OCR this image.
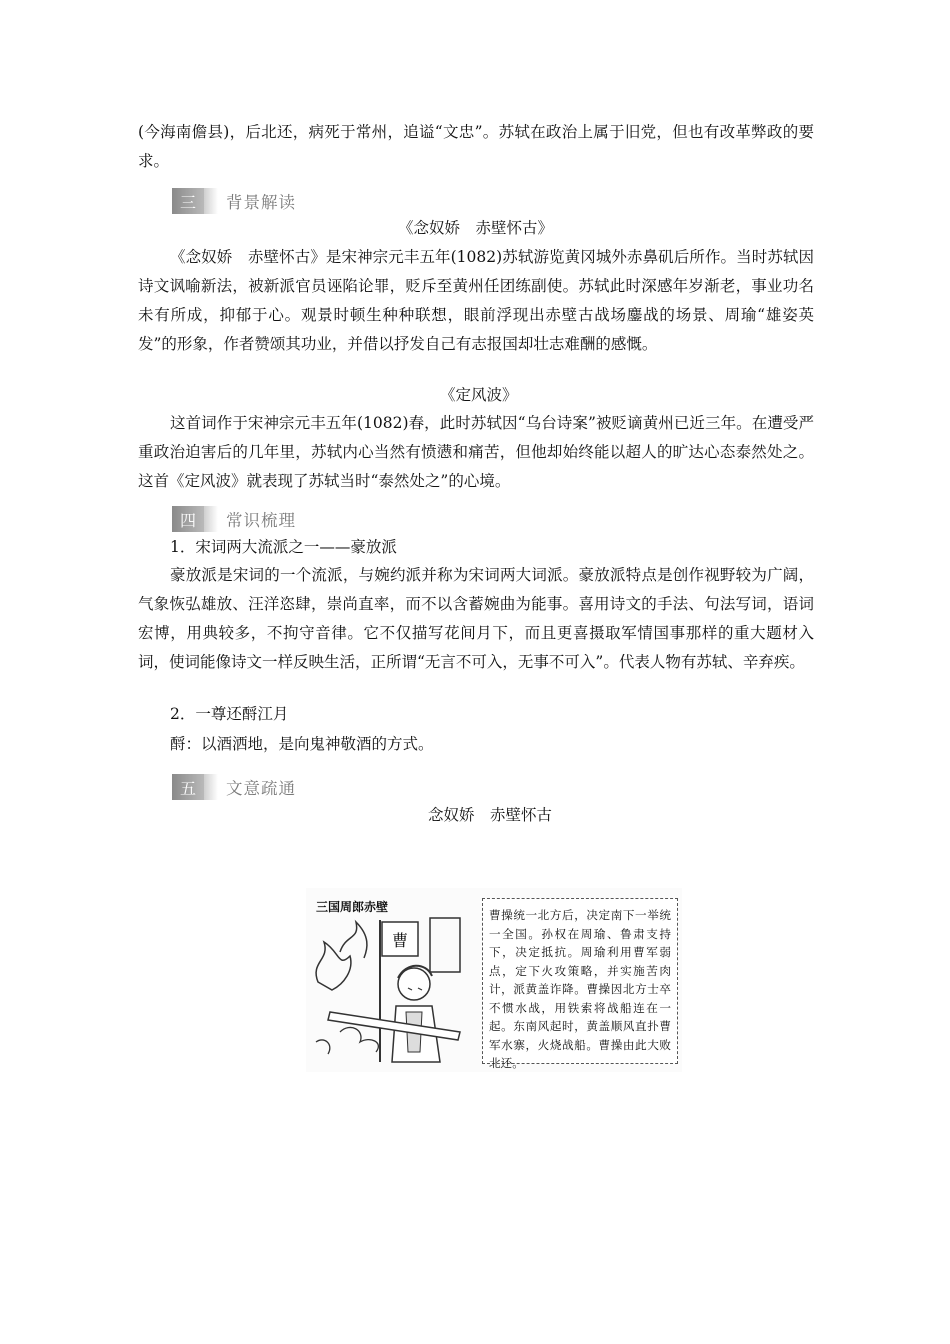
(今海南儋县)，后北还，病死于常州，追谥“文忠”。苏轼在政治上属于旧党，但也有改革弊政的要求。

三	背景解读
《念奴娇　赤壁怀古》

《念奴娇　赤壁怀古》是宋神宗元丰五年(1082)苏轼游览黄冈城外赤鼻矶后所作。当时苏轼因诗文讽喻新法，被新派官员诬陷论罪，贬斥至黄州任团练副使。苏轼此时深感年岁渐老，事业功名未有所成，抑郁于心。观景时顿生种种联想，眼前浮现出赤壁古战场鏖战的场景、周瑜“雄姿英发”的形象，作者赞颂其功业，并借以抒发自己有志报国却壮志难酬的感慨。

《定风波》

这首词作于宋神宗元丰五年(1082)春，此时苏轼因“乌台诗案”被贬谪黄州已近三年。在遭受严重政治迫害后的几年里，苏轼内心当然有愤懑和痛苦，但他却始终能以超人的旷达心态泰然处之。这首《定风波》就表现了苏轼当时“泰然处之”的心境。

四	常识梳理

1．宋词两大流派之一——豪放派

豪放派是宋词的一个流派，与婉约派并称为宋词两大词派。豪放派特点是创作视野较为广阔，气象恢弘雄放、汪洋恣肆，崇尚直率，而不以含蓄婉曲为能事。喜用诗文的手法、句法写词，语词宏博，用典较多，不拘守音律。它不仅描写花间月下，而且更喜摄取军情国事那样的重大题材入词，使词能像诗文一样反映生活，正所谓“无言不可入，无事不可入”。代表人物有苏轼、辛弃疾。

2．一尊还酹江月

酹：以酒洒地，是向鬼神敬酒的方式。

五	文意疏通
念奴娇　赤壁怀古
三国周郎赤壁
曹
曹操统一北方后，决定南下一举统一全国。孙权在周瑜、鲁肃支持下，决定抵抗。周瑜利用曹军弱点，定下火攻策略，并实施苦肉计，派黄盖诈降。曹操因北方士卒不惯水战，用铁索将战船连在一起。东南风起时，黄盖顺风直扑曹军水寨，火烧战船。曹操由此大败北还。
